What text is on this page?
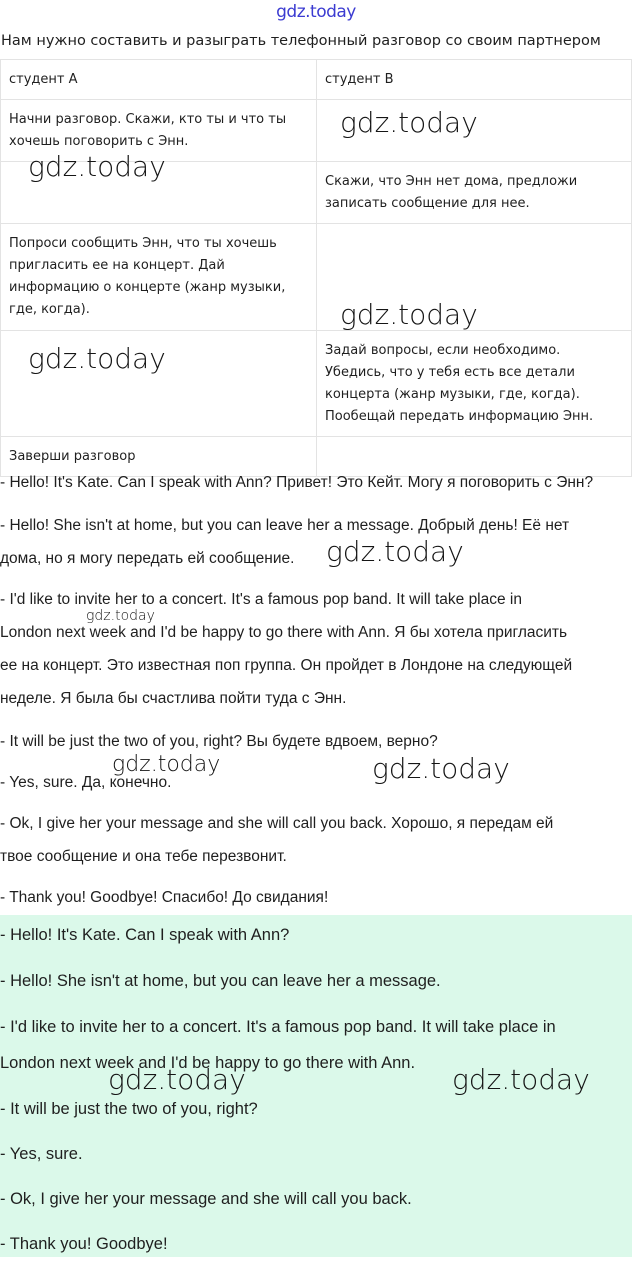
gdz.today
Нам нужно составить и разыграть телефонный разговор со своим партнером
студент А	студент В
Начни разговор. Скажи, кто ты и что ты хочешь поговорить с Энн.	
	Скажи, что Энн нет дома, предложи записать сообщение для нее.
Попроси сообщить Энн, что ты хочешь пригласить ее на концерт. Дай информацию о концерте (жанр музыки, где, когда).	
	Задай вопросы, если необходимо. Убедись, что у тебя есть все детали концерта (жанр музыки, где, когда). Пообещай передать информацию Энн.
Заверши разговор	

- Hello! It's Kate. Can I speak with Ann? Привет! Это Кейт. Могу я поговорить с Энн?

- Hello! She isn't at home, but you can leave her a message. Добрый день! Её нет

дома, но я могу передать ей сообщение.

- I'd like to invite her to a concert. It's a famous pop band. It will take place in

London next week and I'd be happy to go there with Ann. Я бы хотела пригласить

ее на концерт. Это известная поп группа. Он пройдет в Лондоне на следующей

неделе. Я была бы счастлива пойти туда с Энн.

- It will be just the two of you, right? Вы будете вдвоем, верно?

- Yes, sure. Да, конечно.

- Ok, I give her your message and she will call you back. Хорошо, я передам ей

твое сообщение и она тебе перезвонит.

- Thank you! Goodbye! Спасибо! До свидания!

- Hello! It's Kate. Can I speak with Ann?

- Hello! She isn't at home, but you can leave her a message.

- I'd like to invite her to a concert. It's a famous pop band. It will take place in

London next week and I'd be happy to go there with Ann.

- It will be just the two of you, right?

- Yes, sure.

- Ok, I give her your message and she will call you back.

- Thank you! Goodbye!

gdz.today
gdz.today
gdz.today
gdz.today
gdz.today
gdz.today
gdz.today	gdz.today
gdz.today	gdz.today
